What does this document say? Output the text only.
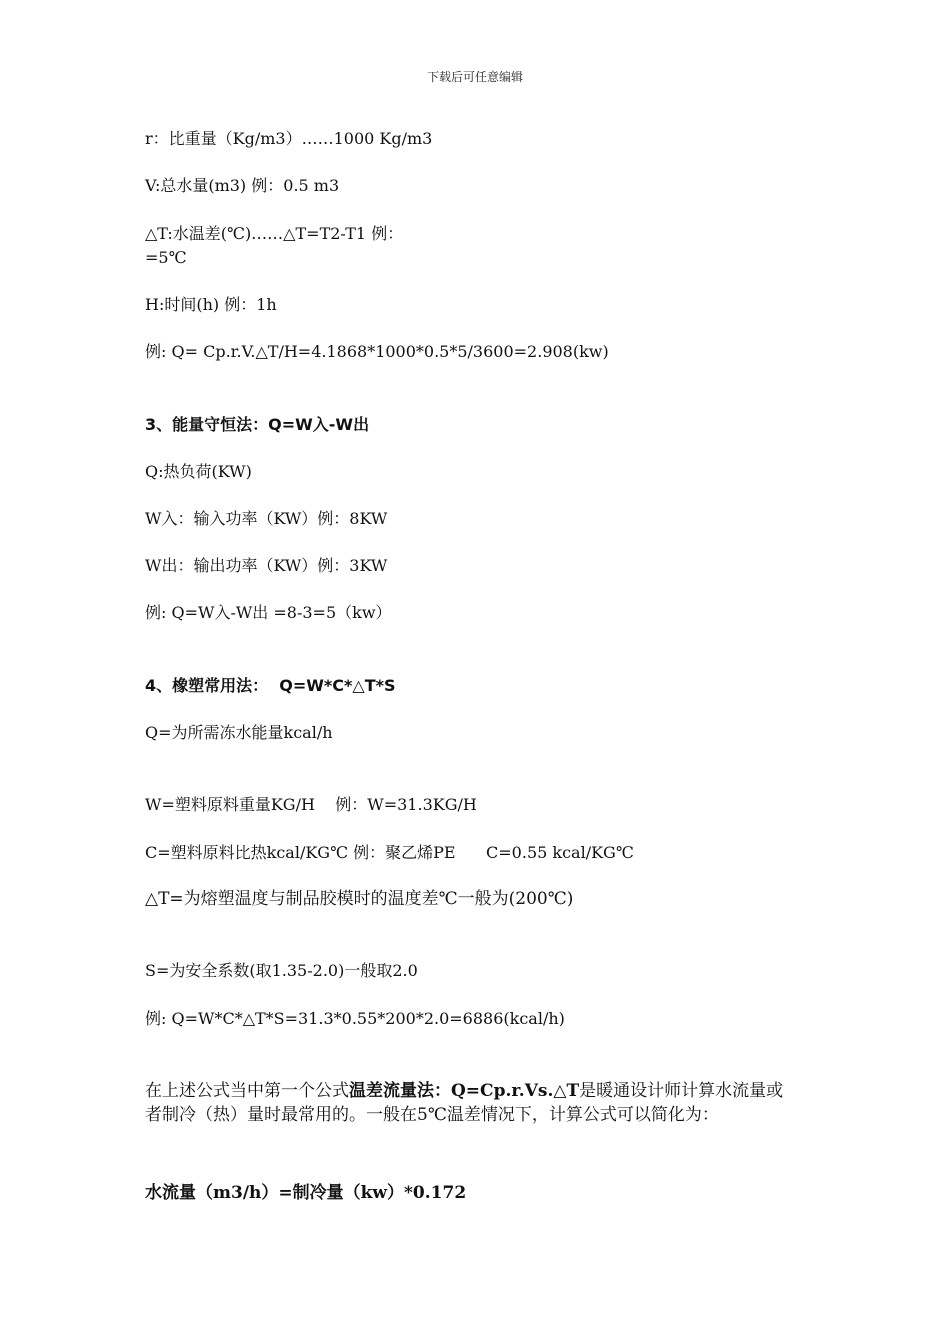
下载后可任意编辑
r：比重量（Kg/m3）……1000 Kg/m3
V:总水量(m3) 例：0.5 m3
△T:水温差(℃)……△T=T2-T1 例：
=5℃
H:时间(h) 例：1h
例: Q= Cp.r.V.△T/H=4.1868*1000*0.5*5/3600=2.908(kw)
3、能量守恒法：Q=W入-W出
Q:热负荷(KW)
W入：输入功率（KW）例：8KW
W出：输出功率（KW）例：3KW
例: Q=W入-W出 =8-3=5（kw）
4、橡塑常用法：  Q=W*C*△T*S
Q=为所需冻水能量kcal/h
W=塑料原料重量KG/H    例：W=31.3KG/H
C=塑料原料比热kcal/KG℃ 例：聚乙烯PE      C=0.55 kcal/KG℃
△T=为熔塑温度与制品胶模时的温度差℃一般为(200℃)
S=为安全系数(取1.35-2.0)一般取2.0
例: Q=W*C*△T*S=31.3*0.55*200*2.0=6886(kcal/h)
在上述公式当中第一个公式温差流量法：Q=Cp.r.Vs.△T是暖通设计师计算水流量或者制冷（热）量时最常用的。一般在5℃温差情况下，计算公式可以简化为：
水流量（m3/h）=制冷量（kw）*0.172
